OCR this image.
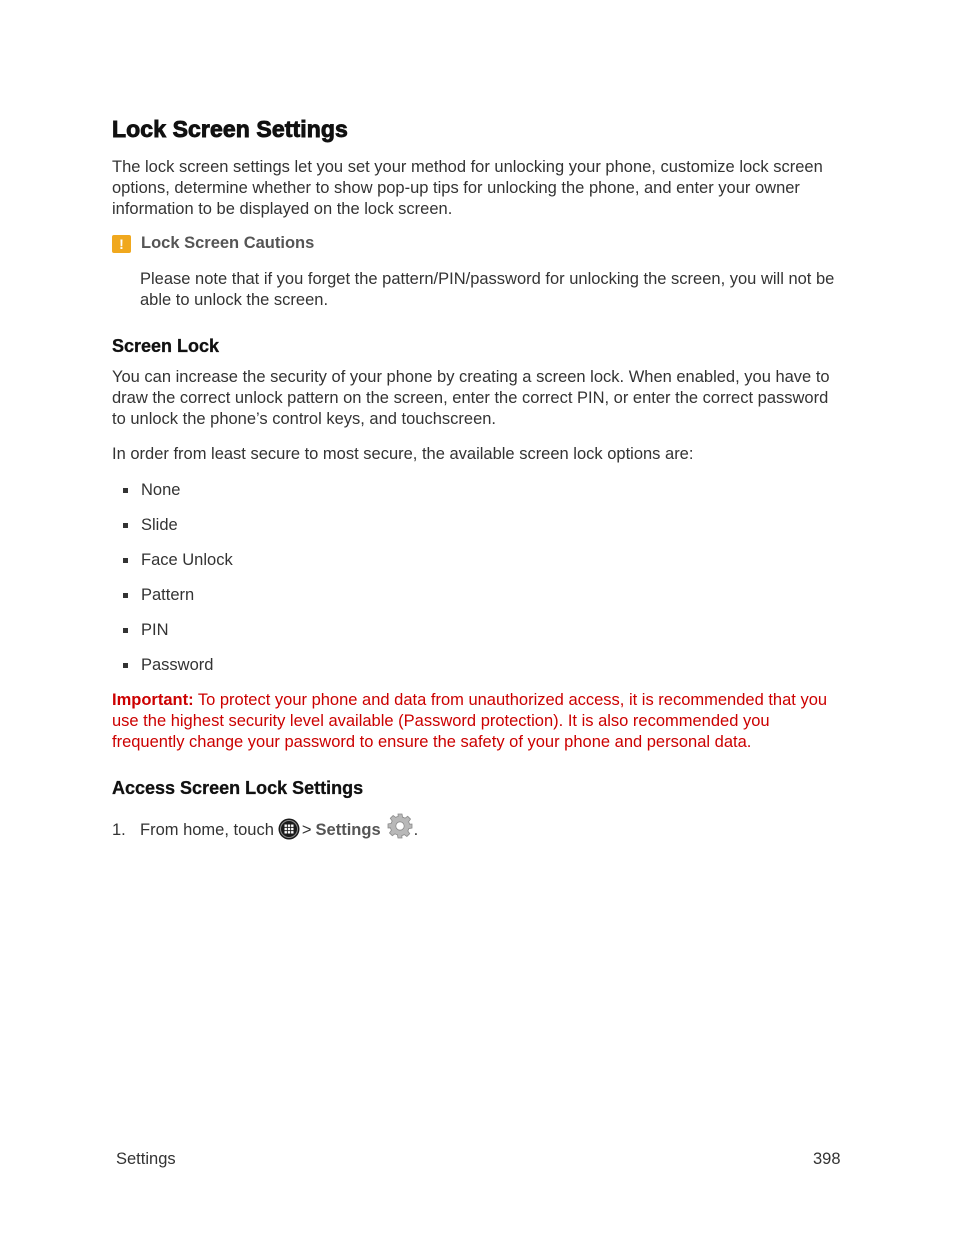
Lock Screen Settings

The lock screen settings let you set your method for unlocking your phone, customize lock screen options, determine whether to show pop-up tips for unlocking the phone, and enter your owner information to be displayed on the lock screen.

!	Lock Screen Cautions

Please note that if you forget the pattern/PIN/password for unlocking the screen, you will not be able to unlock the screen.

Screen Lock

You can increase the security of your phone by creating a screen lock. When enabled, you have to draw the correct unlock pattern on the screen, enter the correct PIN, or enter the correct password to unlock the phone’s control keys, and touchscreen.

In order from least secure to most secure, the available screen lock options are:

None
Slide
Face Unlock
Pattern
PIN
Password

Important: To protect your phone and data from unauthorized access, it is recommended that you use the highest security level available (Password protection). It is also recommended you frequently change your password to ensure the safety of your phone and personal data.

Access Screen Lock Settings
1. From home, touch > Settings .
Settings	398
